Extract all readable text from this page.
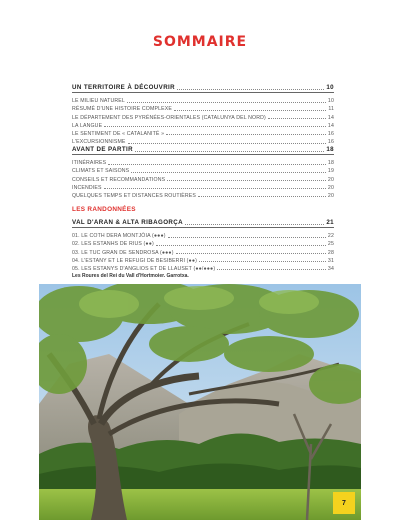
SOMMAIRE
UN TERRITOIRE À DÉCOUVRIR	10
LE MILIEU NATUREL	10
RÉSUMÉ D'UNE HISTOIRE COMPLEXE	11
LE DÉPARTEMENT DES PYRÉNÉES-ORIENTALES (CATALUNYA DEL NORD)	14
LA LANGUE	14
LE SENTIMENT DE « CATALANITÉ »	16
L'EXCURSIONNISME	16
AVANT DE PARTIR	18
ITINÉRAIRES	18
CLIMATS ET SAISONS	19
CONSEILS ET RECOMMANDATIONS	20
INCENDIES	20
QUELQUES TEMPS ET DISTANCES ROUTIÈRES	20
LES RANDONNÉES
VAL D'ARAN & ALTA RIBAGORÇA	21
01. LE COTH DERA MONTJÒIA (●●●)	22
02. LES ESTANHS DE RIUS (●●)	25
03. LE TUC GRAN DE SENDROSA (●●●)	28
04. L'ESTANY ET LE REFUGI DE BESIBERRI (●●)	31
05. LES ESTANYS D'ANGLIOS ET DE LLAUSET (●●/●●●)	34
Les Roures del Rei du Vall d'Hortmoier. Garrotxa.
7
